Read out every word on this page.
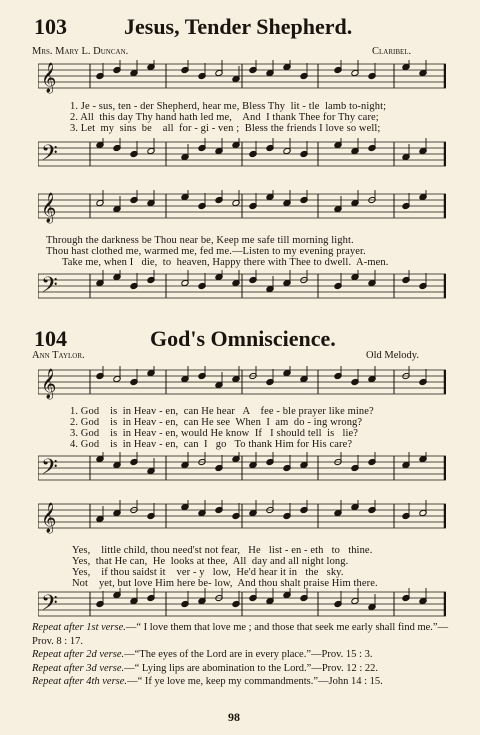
103	Jesus, Tender Shepherd.
Mrs. Mary L. Duncan.	Claribel.
𝄞
1. Je - sus, ten - der Shepherd, hear me, Bless Thy  lit - tle  lamb to-night;
2. All  this day Thy hand hath led me,    And  I thank Thee for Thy care;
3. Let  my  sins  be    all  for - gi - ven ;  Bless the friends I love so well;
𝄢
𝄞
Through the darkness be Thou near be, Keep me safe till morning light.
Thou hast clothed me, warmed me, fed me.—Listen to my evening prayer.
Take me, when I   die,  to  heaven, Happy there with Thee to dwell.  A-men.
𝄢
104	God's Omniscience.
Ann Taylor.	Old Melody.
𝄞
1. God    is  in Heav - en,  can He hear   A    fee - ble prayer like mine?
2. God    is  in Heav - en,  can He see  When  I  am  do - ing wrong?
3. God    is  in Heav - en, would He know  If   I should tell  is   lie?
4. God    is  in Heav - en,  can  I   go   To thank Him for His care?
𝄢
𝄞
Yes,    little child, thou need'st not fear,   He   list - en - eth   to   thine.
Yes,  that He can,  He  looks at thee,  All  day and all night long.
Yes,    if thou saidst it    ver - y   low,  He'd hear it in   the   sky.
Not    yet, but love Him here be- low,  And thou shalt praise Him there.
𝄢
Repeat after 1st verse.—“ I love them that love me ; and those that seek me early shall find me.”—Prov. 8 : 17.
Repeat after 2d verse.—“The eyes of the Lord are in every place.”—Prov. 15 : 3.
Repeat after 3d verse.—“ Lying lips are abomination to the Lord.”—Prov. 12 : 22.
Repeat after 4th verse.—“ If ye love me, keep my commandments.”—John 14 : 15.
98
